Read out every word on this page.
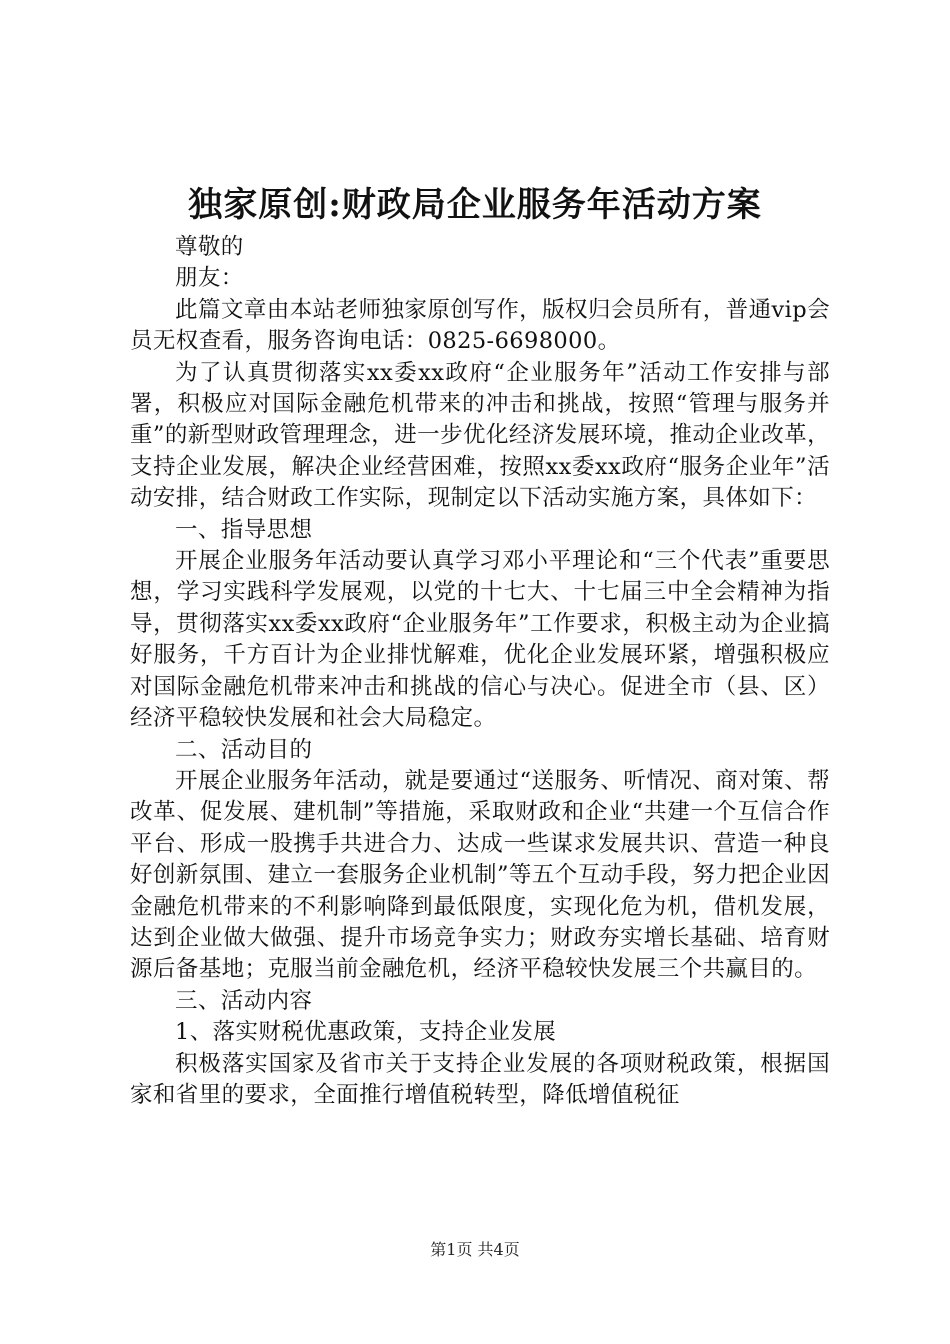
独家原创:财政局企业服务年活动方案

尊敬的

朋友：

此篇文章由本站老师独家原创写作，版权归会员所有，普通vip会员无权查看，服务咨询电话：0825-6698000。

为了认真贯彻落实xx委xx政府“企业服务年”活动工作安排与部署，积极应对国际金融危机带来的冲击和挑战，按照“管理与服务并重”的新型财政管理理念，进一步优化经济发展环境，推动企业改革，支持企业发展，解决企业经营困难，按照xx委xx政府“服务企业年”活动安排，结合财政工作实际，现制定以下活动实施方案，具体如下：

一、指导思想

开展企业服务年活动要认真学习邓小平理论和“三个代表”重要思想，学习实践科学发展观，以党的十七大、十七届三中全会精神为指导，贯彻落实xx委xx政府“企业服务年”工作要求，积极主动为企业搞好服务，千方百计为企业排忧解难，优化企业发展环紧，增强积极应对国际金融危机带来冲击和挑战的信心与决心。促进全市（县、区）经济平稳较快发展和社会大局稳定。

二、活动目的

开展企业服务年活动，就是要通过“送服务、听情况、商对策、帮改革、促发展、建机制”等措施，采取财政和企业“共建一个互信合作平台、形成一股携手共进合力、达成一些谋求发展共识、营造一种良好创新氛围、建立一套服务企业机制”等五个互动手段，努力把企业因金融危机带来的不利影响降到最低限度，实现化危为机，借机发展，达到企业做大做强、提升市场竞争实力；财政夯实增长基础、培育财源后备基地；克服当前金融危机，经济平稳较快发展三个共赢目的。

三、活动内容

1、落实财税优惠政策，支持企业发展

积极落实国家及省市关于支持企业发展的各项财税政策，根据国家和省里的要求，全面推行增值税转型，降低增值税征

第1页 共4页
